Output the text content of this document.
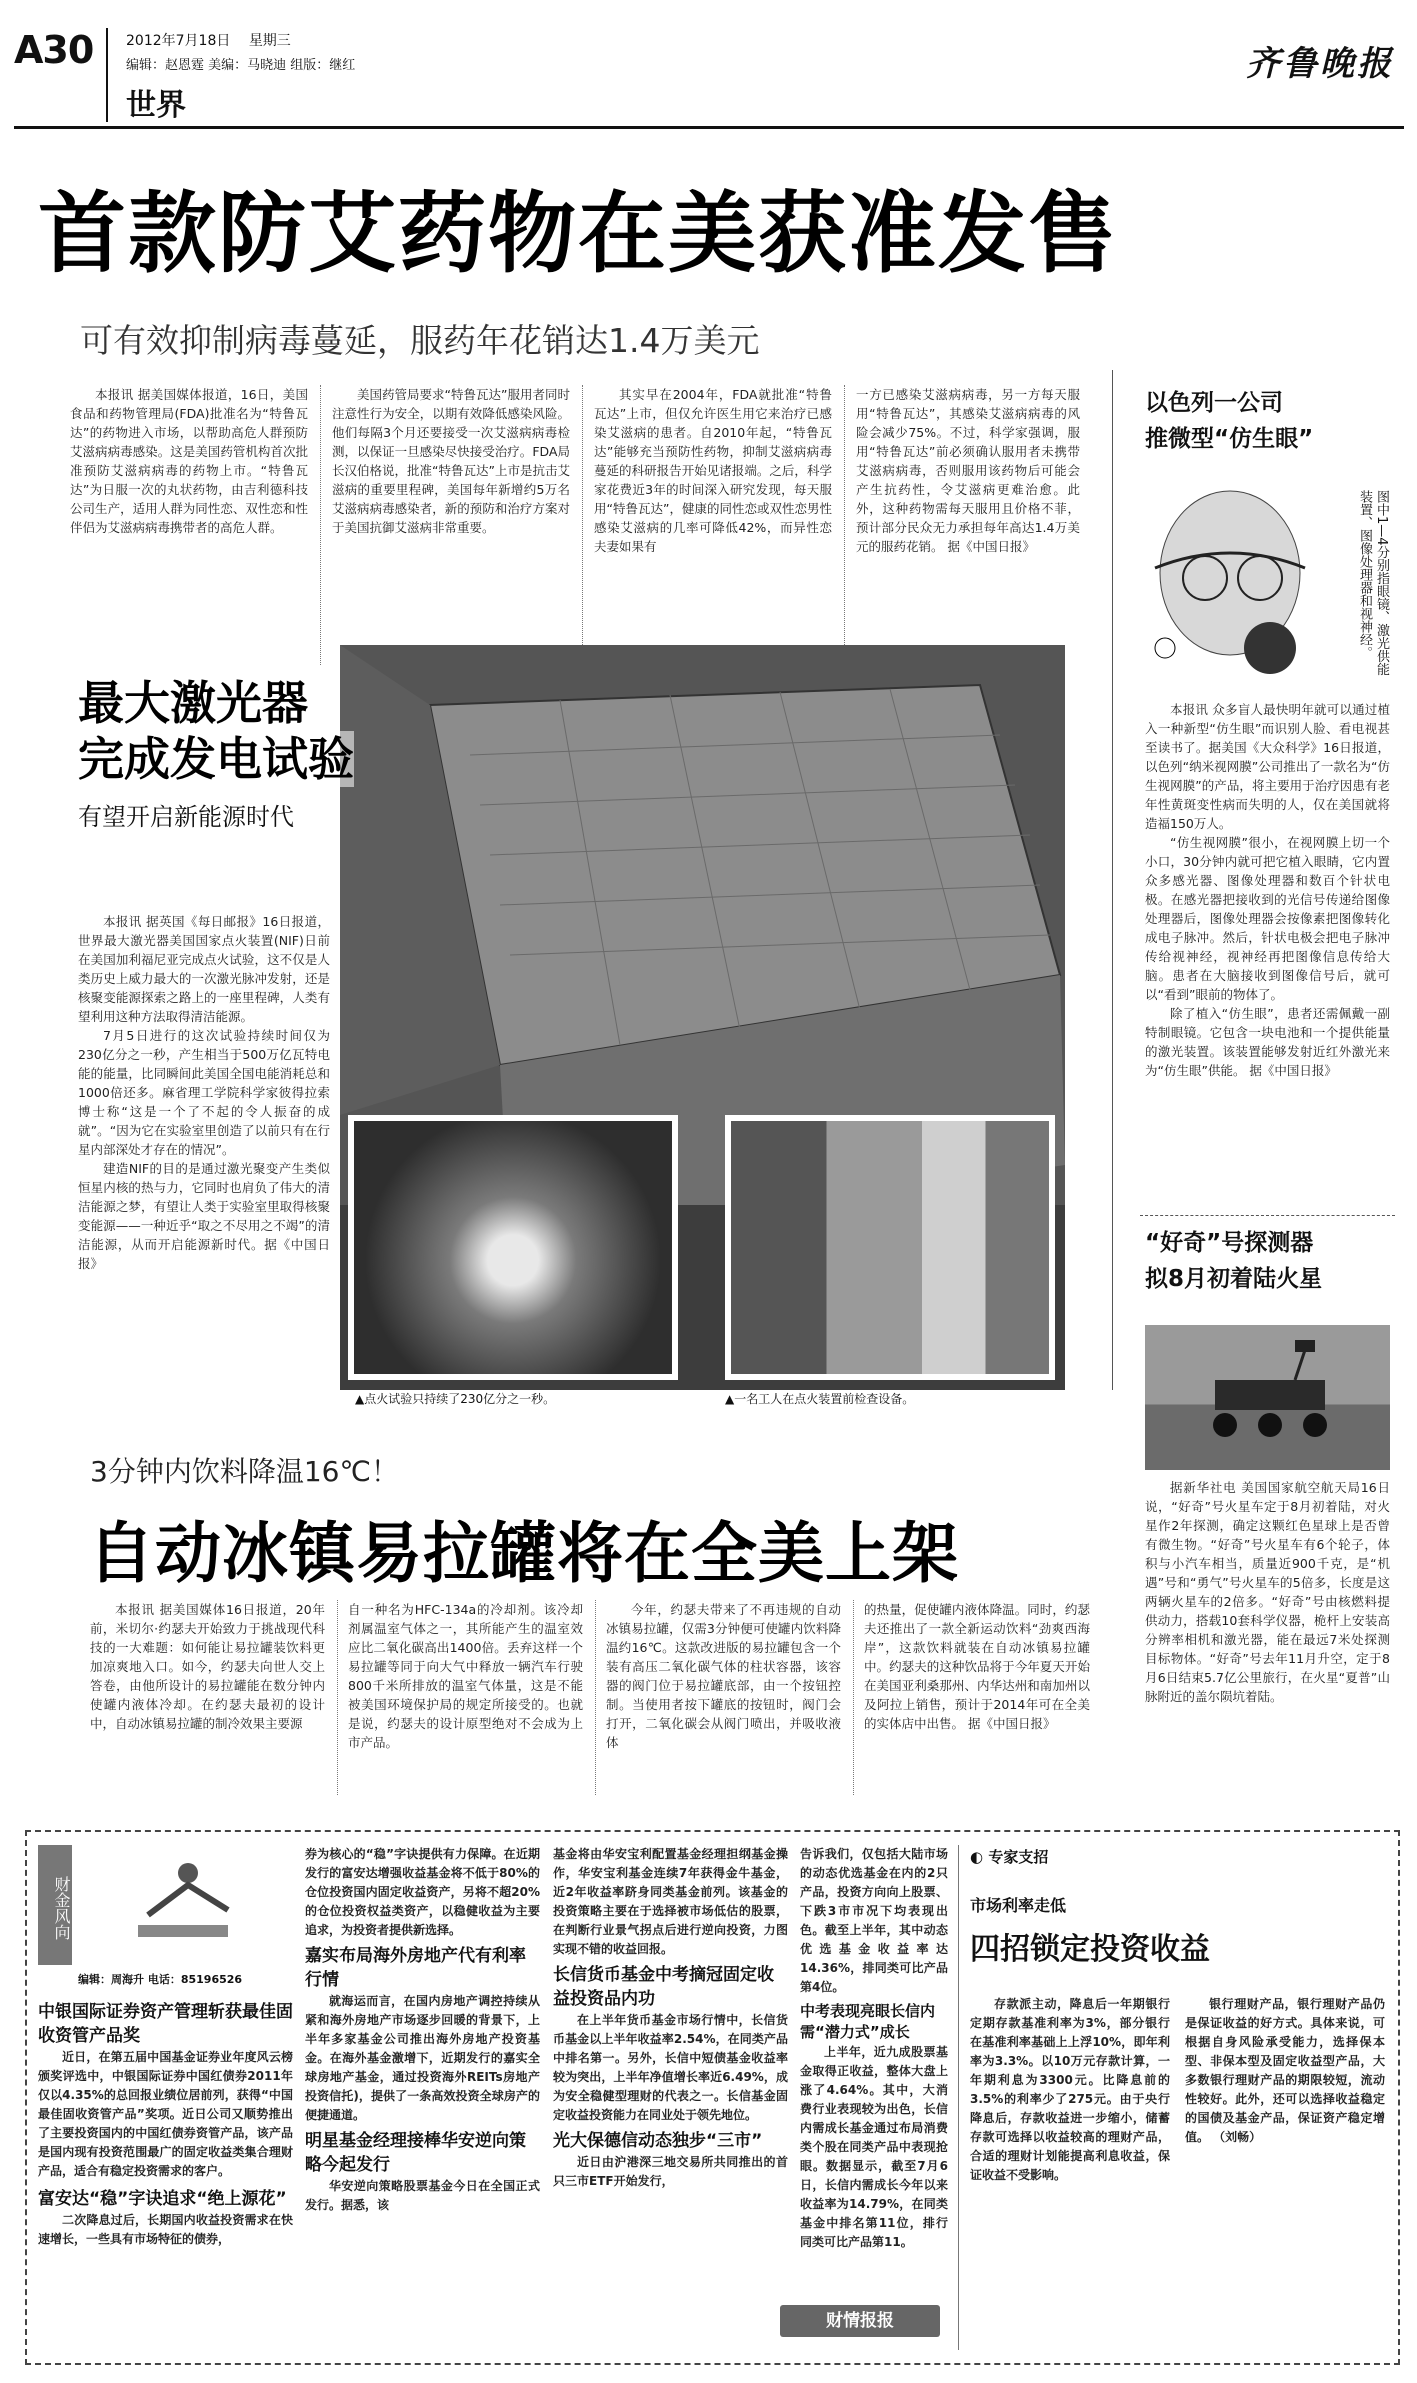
A30 2012年7月18日 星期三
编辑：赵恩霆 美编：马晓迪 组版：继红
世界
齐鲁晚报
首款防艾药物在美获准发售
可有效抑制病毒蔓延，服药年花销达1.4万美元
本报讯 据美国媒体报道，16日，美国食品和药物管理局(FDA)批准名为“特鲁瓦达”的药物进入市场，以帮助高危人群预防艾滋病病毒感染。这是美国药管机构首次批准预防艾滋病病毒的药物上市。“特鲁瓦达”为日服一次的丸状药物，由吉利德科技公司生产，适用人群为同性恋、双性恋和性伴侣为艾滋病病毒携带者的高危人群。
美国药管局要求“特鲁瓦达”服用者同时注意性行为安全，以期有效降低感染风险。他们每隔3个月还要接受一次艾滋病病毒检测，以保证一旦感染尽快接受治疗。FDA局长汉伯格说，批准“特鲁瓦达”上市是抗击艾滋病的重要里程碑，美国每年新增约5万名艾滋病病毒感染者，新的预防和治疗方案对于美国抗御艾滋病非常重要。
其实早在2004年，FDA就批准“特鲁瓦达”上市，但仅允许医生用它来治疗已感染艾滋病的患者。自2010年起，“特鲁瓦达”能够充当预防性药物，抑制艾滋病病毒蔓延的科研报告开始见诸报端。之后，科学家花费近3年的时间深入研究发现，每天服用“特鲁瓦达”，健康的同性恋或双性恋男性感染艾滋病的几率可降低42%，而异性恋夫妻如果有
一方已感染艾滋病病毒，另一方每天服用“特鲁瓦达”，其感染艾滋病病毒的风险会减少75%。不过，科学家强调，服用“特鲁瓦达”前必须确认服用者未携带艾滋病病毒，否则服用该药物后可能会产生抗药性，令艾滋病更难治愈。此外，这种药物需每天服用且价格不菲，预计部分民众无力承担每年高达1.4万美元的服药花销。 据《中国日报》
最大激光器 完成发电试验 有望开启新能源时代
本报讯 据英国《每日邮报》16日报道，世界最大激光器美国国家点火装置(NIF)日前在美国加利福尼亚完成点火试验，这不仅是人类历史上威力最大的一次激光脉冲发射，还是核聚变能源探索之路上的一座里程碑，人类有望利用这种方法取得清洁能源。
7月5日进行的这次试验持续时间仅为230亿分之一秒，产生相当于500万亿瓦特电能的能量，比同瞬间此美国全国电能消耗总和1000倍还多。麻省理工学院科学家彼得拉索博士称“这是一个了不起的令人振奋的成就”。“因为它在实验室里创造了以前只有在行星内部深处才存在的情况”。
建造NIF的目的是通过激光聚变产生类似恒星内核的热与力，它同时也肩负了伟大的清洁能源之梦，有望让人类于实验室里取得核聚变能源——一种近乎“取之不尽用之不竭”的清洁能源，从而开启能源新时代。据《中国日报》
▲点火试验只持续了230亿分之一秒。	▲一名工人在点火装置前检查设备。
以色列一公司
推微型“仿生眼”
图中1—4分别指眼镜、激光供能装置、图像处理器和视神经。
本报讯 众多盲人最快明年就可以通过植入一种新型“仿生眼”而识别人脸、看电视甚至读书了。据美国《大众科学》16日报道，以色列“纳米视网膜”公司推出了一款名为“仿生视网膜”的产品，将主要用于治疗因患有老年性黄斑变性病而失明的人，仅在美国就将造福150万人。
“仿生视网膜”很小，在视网膜上切一个小口，30分钟内就可把它植入眼睛，它内置众多感光器、图像处理器和数百个针状电极。在感光器把接收到的光信号传递给图像处理器后，图像处理器会按像素把图像转化成电子脉冲。然后，针状电极会把电子脉冲传给视神经，视神经再把图像信息传给大脑。患者在大脑接收到图像信号后，就可以“看到”眼前的物体了。
除了植入“仿生眼”，患者还需佩戴一副特制眼镜。它包含一块电池和一个提供能量的激光装置。该装置能够发射近红外激光来为“仿生眼”供能。 据《中国日报》
“好奇”号探测器
拟8月初着陆火星
据新华社电 美国国家航空航天局16日说，“好奇”号火星车定于8月初着陆，对火星作2年探测，确定这颗红色星球上是否曾有微生物。“好奇”号火星车有6个轮子，体积与小汽车相当，质量近900千克，是“机遇”号和“勇气”号火星车的5倍多，长度是这两辆火星车的2倍多。“好奇”号由核燃料提供动力，搭载10套科学仪器，桅杆上安装高分辨率相机和激光器，能在最远7米处探测目标物体。“好奇”号去年11月升空，定于8月6日结束5.7亿公里旅行，在火星“夏普”山脉附近的盖尔陨坑着陆。
3分钟内饮料降温16℃！
自动冰镇易拉罐将在全美上架
本报讯 据美国媒体16日报道，20年前，米切尔·约瑟夫开始致力于挑战现代科技的一大难题：如何能让易拉罐装饮料更加凉爽地入口。如今，约瑟夫向世人交上答卷，由他所设计的易拉罐能在数分钟内使罐内液体冷却。在约瑟夫最初的设计中，自动冰镇易拉罐的制冷效果主要源
自一种名为HFC-134a的冷却剂。该冷却剂属温室气体之一，其所能产生的温室效应比二氧化碳高出1400倍。丢弃这样一个易拉罐等同于向大气中释放一辆汽车行驶800千米所排放的温室气体量，这是不能被美国环境保护局的规定所接受的。也就是说，约瑟夫的设计原型绝对不会成为上市产品。
今年，约瑟夫带来了不再违规的自动冰镇易拉罐，仅需3分钟便可使罐内饮料降温约16℃。这款改进版的易拉罐包含一个装有高压二氧化碳气体的柱状容器，该容器的阀门位于易拉罐底部，由一个按钮控制。当使用者按下罐底的按钮时，阀门会打开，二氧化碳会从阀门喷出，并吸收液体
的热量，促使罐内液体降温。同时，约瑟夫还推出了一款全新运动饮料“劲爽西海岸”，这款饮料就装在自动冰镇易拉罐中。约瑟夫的这种饮品将于今年夏天开始在美国亚利桑那州、内华达州和南加州以及阿拉上销售，预计于2014年可在全美的实体店中出售。 据《中国日报》
财金风向
编辑：周海升 电话：85196526
中银国际证券资产管理斩获最佳固收资管产品奖
近日，在第五届中国基金证券业年度风云榜颁奖评选中，中银国际证券中国红债券2011年仅以4.35%的总回报业绩位居前列，获得“中国最佳固收资管产品”奖项。近日公司又顺势推出了主要投资国内的中国红债券资管产品，该产品是国内现有投资范围最广的固定收益类集合理财产品，适合有稳定投资需求的客户。
富安达“稳”字诀追求“绝上源花”
二次降息过后，长期国内收益投资需求在快速增长，一些具有市场特征的债券，
券为核心的“稳”字诀提供有力保障。在近期发行的富安达增强收益基金将不低于80%的仓位投资国内固定收益资产，另将不超20%的仓位投资权益类资产，以稳健收益为主要追求，为投资者提供新选择。
嘉实布局海外房地产代有利率行情
就海运而言，在国内房地产调控持续从紧和海外房地产市场逐步回暖的背景下，上半年多家基金公司推出海外房地产投资基金。在海外基金激增下，近期发行的嘉实全球房地产基金，通过投资海外REITs房地产投资信托)，提供了一条高效投资全球房产的便捷通道。
明星基金经理接棒华安逆向策略今起发行
华安逆向策略股票基金今日在全国正式发行。据悉，该
基金将由华安宝利配置基金经理担纲基金操作，华安宝利基金连续7年获得金牛基金，近2年收益率跻身同类基金前列。该基金的投资策略主要在于选择被市场低估的股票，在判断行业景气拐点后进行逆向投资，力图实现不错的收益回报。
长信货币基金中考摘冠固定收益投资品内功
在上半年货币基金市场行情中，长信货币基金以上半年收益率2.54%，在同类产品中排名第一。另外，长信中短债基金收益率较为突出，上半年净值增长率近6.49%，成为安全稳健型理财的代表之一。长信基金固定收益投资能力在同业处于领先地位。
光大保德信动态独步“三市”
近日由沪港深三地交易所共同推出的首只三市ETF开始发行，
告诉我们，仅包括大陆市场的动态优选基金在内的2只产品，投资方向向上股票、下跌3市市况下均表现出色。截至上半年，其中动态优选基金收益率达14.36%，排同类可比产品第4位。
中考表现亮眼长信内需“潜力式”成长
上半年，近九成股票基金取得正收益，整体大盘上涨了4.64%。其中，大消费行业表现较为出色，长信内需成长基金通过布局消费类个股在同类产品中表现抢眼。数据显示，截至7月6日，长信内需成长今年以来收益率为14.79%，在同类基金中排名第11位，排行同类可比产品第11。
财情报报
◐ 专家支招
市场利率走低
四招锁定投资收益
存款派主动，降息后一年期银行定期存款基准利率为3%，部分银行在基准利率基础上上浮10%，即年利率为3.3%。以10万元存款计算，一年期利息为3300元。比降息前的3.5%的利率少了275元。由于央行降息后，存款收益进一步缩小，储蓄存款可选择以收益较高的理财产品，合适的理财计划能提高利息收益，保证收益不受影响。
银行理财产品，银行理财产品仍是保证收益的好方式。具体来说，可根据自身风险承受能力，选择保本型、非保本型及固定收益型产品，大多数银行理财产品的期限较短，流动性较好。此外，还可以选择收益稳定的国债及基金产品，保证资产稳定增值。 （刘畅）
